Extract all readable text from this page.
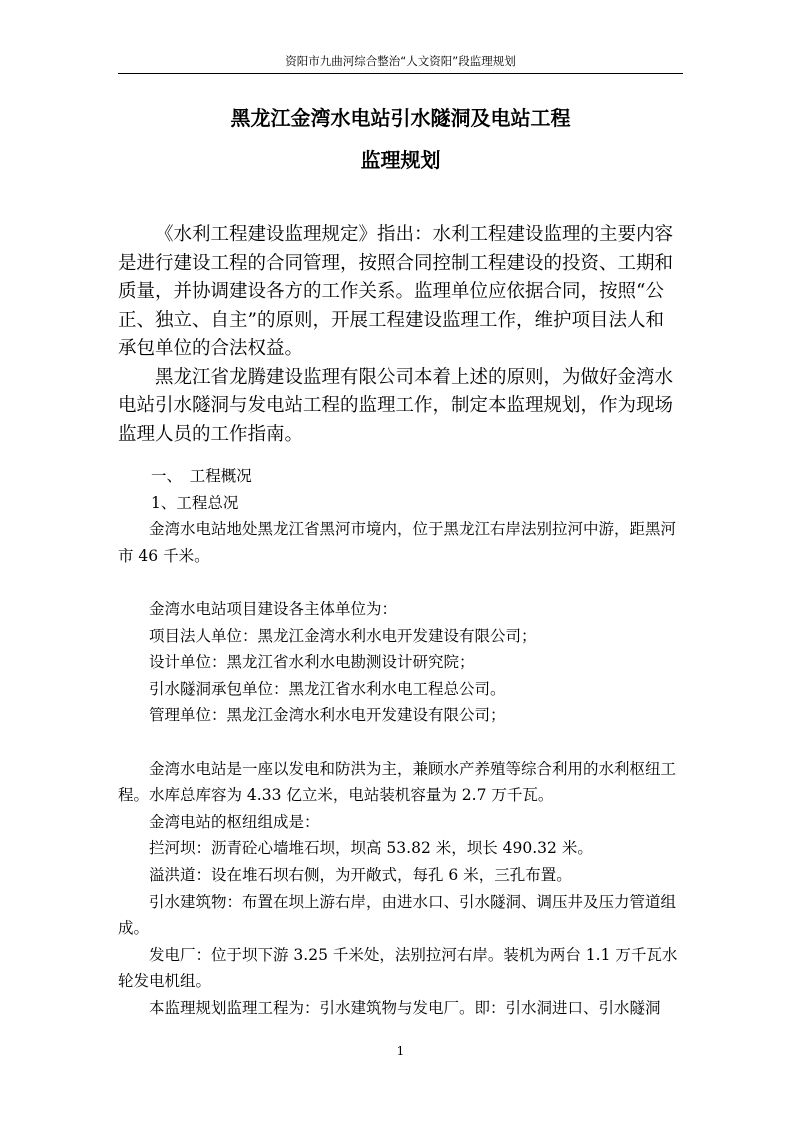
资阳市九曲河综合整治“人文资阳”段监理规划
黑龙江金湾水电站引水隧洞及电站工程
监理规划

《水利工程建设监理规定》指出：水利工程建设监理的主要内容是进行建设工程的合同管理，按照合同控制工程建设的投资、工期和质量，并协调建设各方的工作关系。监理单位应依据合同，按照“公正、独立、自主”的原则，开展工程建设监理工作，维护项目法人和承包单位的合法权益。

黑龙江省龙腾建设监理有限公司本着上述的原则，为做好金湾水电站引水隧洞与发电站工程的监理工作，制定本监理规划，作为现场监理人员的工作指南。

一、　工程概况

1、工程总况

金湾水电站地处黑龙江省黑河市境内，位于黑龙江右岸法别拉河中游，距黑河市 46 千米。

金湾水电站项目建设各主体单位为：

项目法人单位：黑龙江金湾水利水电开发建设有限公司；

设计单位：黑龙江省水利水电勘测设计研究院；

引水隧洞承包单位：黑龙江省水利水电工程总公司。

管理单位：黑龙江金湾水利水电开发建设有限公司；

金湾水电站是一座以发电和防洪为主，兼顾水产养殖等综合利用的水利枢纽工程。水库总库容为 4.33 亿立米，电站装机容量为 2.7 万千瓦。

金湾电站的枢纽组成是：

拦河坝：沥青砼心墙堆石坝，坝高 53.82 米，坝长 490.32 米。

溢洪道：设在堆石坝右侧，为开敞式，每孔 6 米，三孔布置。

引水建筑物：布置在坝上游右岸，由进水口、引水隧洞、调压井及压力管道组成。

发电厂：位于坝下游 3.25 千米处，法别拉河右岸。装机为两台 1.1 万千瓦水轮发电机组。

本监理规划监理工程为：引水建筑物与发电厂。即：引水洞进口、引水隧洞

1
